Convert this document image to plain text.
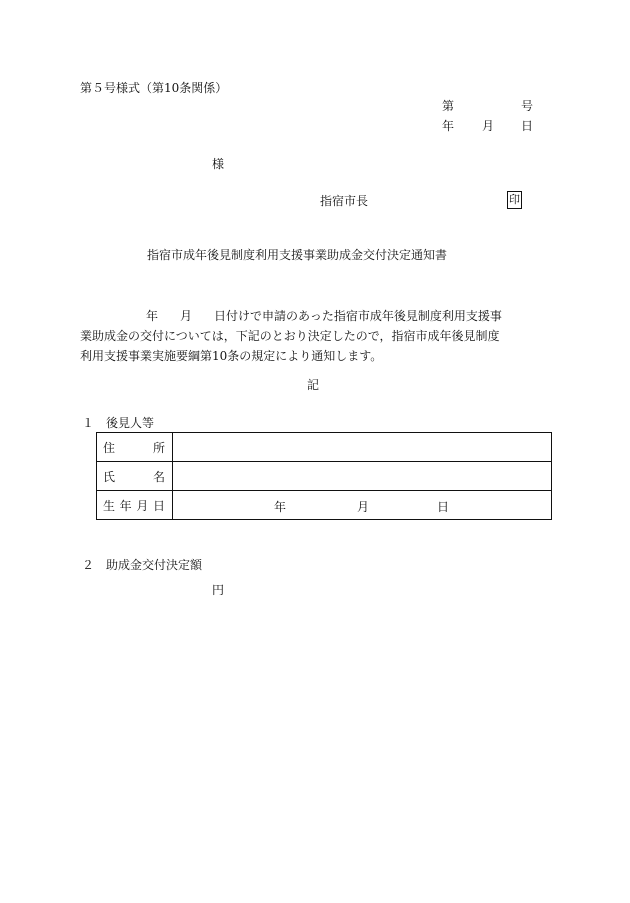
第５号様式（第10条関係）
第	号
年 月 日
様
指宿市長	印
指宿市成年後見制度利用支援事業助成金交付決定通知書
年 月 日付けで申請のあった指宿市成年後見制度利用支援事
業助成金の交付については，下記のとおり決定したので，指宿市成年後見制度
利用支援事業実施要綱第10条の規定により通知します。
記
１ 後見人等
住 所	

氏 名	

生 年 月 日	年 月 日
２ 助成金交付決定額
円
